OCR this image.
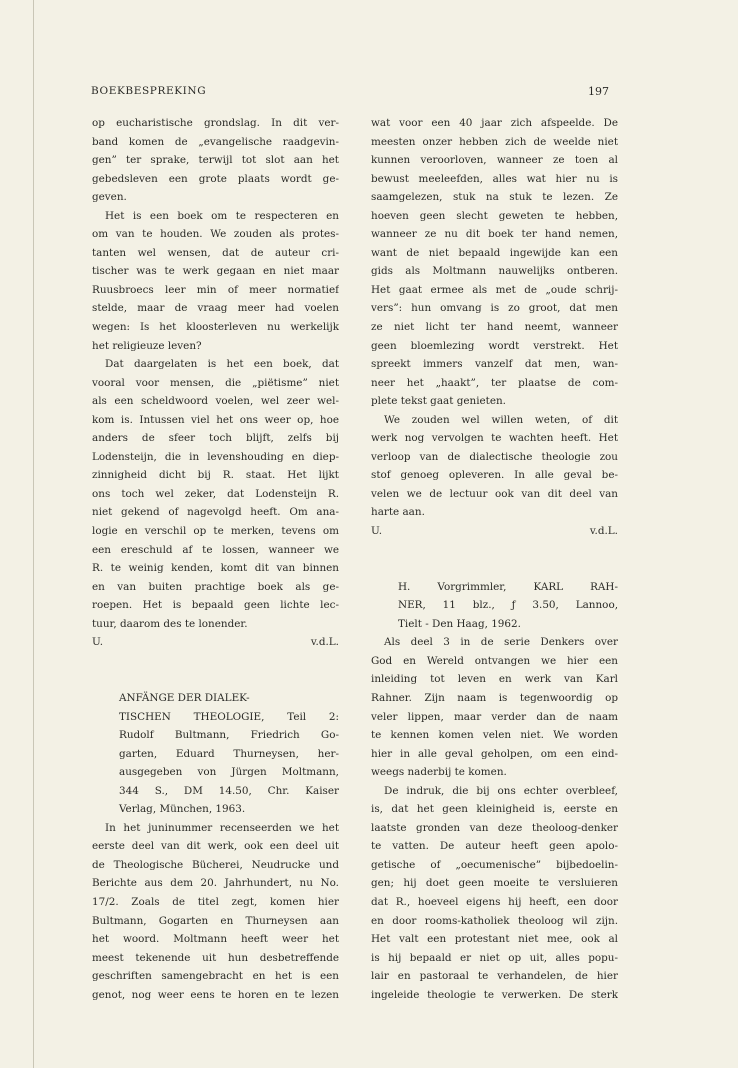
BOEKBESPREKING	197
op eucharistische grondslag. In dit ver-
band komen de „evangelische raadgevin-
gen” ter sprake, terwijl tot slot aan het
gebedsleven een grote plaats wordt ge-
geven.
Het is een boek om te respecteren en
om van te houden. We zouden als protes-
tanten wel wensen, dat de auteur cri-
tischer was te werk gegaan en niet maar
Ruusbroecs leer min of meer normatief
stelde, maar de vraag meer had voelen
wegen: Is het kloosterleven nu werkelijk
het religieuze leven?
Dat daargelaten is het een boek, dat
vooral voor mensen, die „piëtisme” niet
als een scheldwoord voelen, wel zeer wel-
kom is. Intussen viel het ons weer op, hoe
anders de sfeer toch blijft, zelfs bij
Lodensteijn, die in levenshouding en diep-
zinnigheid dicht bij R. staat. Het lijkt
ons toch wel zeker, dat Lodensteijn R.
niet gekend of nagevolgd heeft. Om ana-
logie en verschil op te merken, tevens om
een ereschuld af te lossen, wanneer we
R. te weinig kenden, komt dit van binnen
en van buiten prachtige boek als ge-
roepen. Het is bepaald geen lichte lec-
tuur, daarom des te lonender.
U.	v.d.L.
ANFÄNGE DER DIALEK-
TISCHEN THEOLOGIE, Teil 2:
Rudolf Bultmann, Friedrich Go-
garten, Eduard Thurneysen, her-
ausgegeben von Jürgen Moltmann,
344 S., DM 14.50, Chr. Kaiser
Verlag, München, 1963.
In het juninummer recenseerden we het
eerste deel van dit werk, ook een deel uit
de Theologische Bücherei, Neudrucke und
Berichte aus dem 20. Jahrhundert, nu No.
17/2. Zoals de titel zegt, komen hier
Bultmann, Gogarten en Thurneysen aan
het woord. Moltmann heeft weer het
meest tekenende uit hun desbetreffende
geschriften samengebracht en het is een
genot, nog weer eens te horen en te lezen
wat voor een 40 jaar zich afspeelde. De
meesten onzer hebben zich de weelde niet
kunnen veroorloven, wanneer ze toen al
bewust meeleefden, alles wat hier nu is
saamgelezen, stuk na stuk te lezen. Ze
hoeven geen slecht geweten te hebben,
wanneer ze nu dit boek ter hand nemen,
want de niet bepaald ingewijde kan een
gids als Moltmann nauwelijks ontberen.
Het gaat ermee als met de „oude schrij-
vers”: hun omvang is zo groot, dat men
ze niet licht ter hand neemt, wanneer
geen bloemlezing wordt verstrekt. Het
spreekt immers vanzelf dat men, wan-
neer het „haakt”, ter plaatse de com-
plete tekst gaat genieten.
We zouden wel willen weten, of dit
werk nog vervolgen te wachten heeft. Het
verloop van de dialectische theologie zou
stof genoeg opleveren. In alle geval be-
velen we de lectuur ook van dit deel van
harte aan.
U.	v.d.L.
H. Vorgrimmler, KARL RAH-
NER, 11 blz., ƒ 3.50, Lannoo,
Tielt - Den Haag, 1962.
Als deel 3 in de serie Denkers over
God en Wereld ontvangen we hier een
inleiding tot leven en werk van Karl
Rahner. Zijn naam is tegenwoordig op
veler lippen, maar verder dan de naam
te kennen komen velen niet. We worden
hier in alle geval geholpen, om een eind-
weegs naderbij te komen.
De indruk, die bij ons echter overbleef,
is, dat het geen kleinigheid is, eerste en
laatste gronden van deze theoloog-denker
te vatten. De auteur heeft geen apolo-
getische of „oecumenische” bijbedoelin-
gen; hij doet geen moeite te versluieren
dat R., hoeveel eigens hij heeft, een door
en door rooms-katholiek theoloog wil zijn.
Het valt een protestant niet mee, ook al
is hij bepaald er niet op uit, alles popu-
lair en pastoraal te verhandelen, de hier
ingeleide theologie te verwerken. De sterk
